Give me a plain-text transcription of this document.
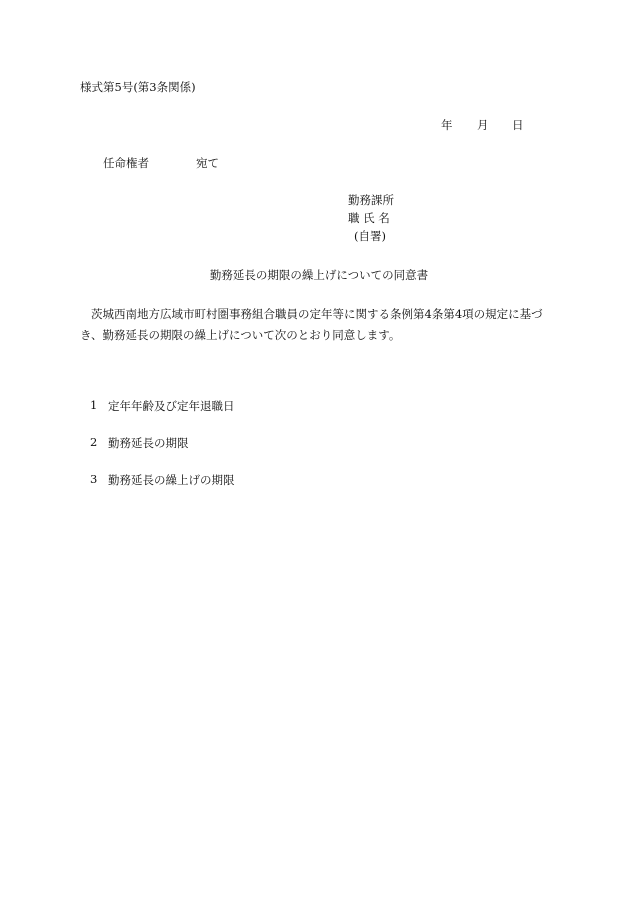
様式第5号(第3条関係)
年 月 日
任命権者	宛て
勤務課所
職 氏 名
(自署)
勤務延長の期限の繰上げについての同意書
茨城西南地方広域市町村圏事務組合職員の定年等に関する条例第4条第4項の規定に基づき、勤務延長の期限の繰上げについて次のとおり同意します。
1 定年年齢及び定年退職日
2 勤務延長の期限
3 勤務延長の繰上げの期限
